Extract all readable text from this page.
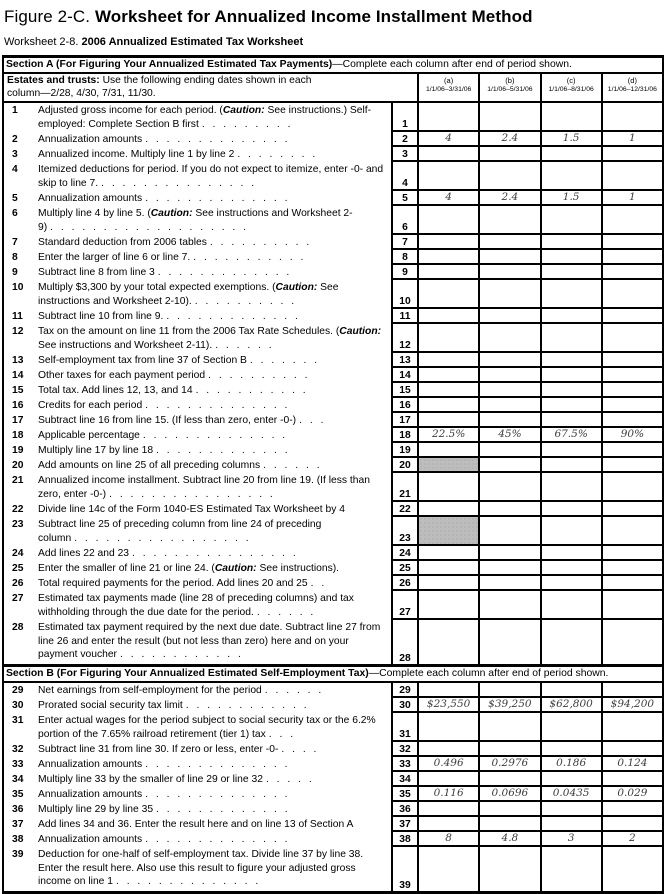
Figure 2-C. Worksheet for Annualized Income Installment Method
Worksheet 2-8. 2006 Annualized Estimated Tax Worksheet
Section A (For Figuring Your Annualized Estimated Tax Payments)—Complete each column after end of period shown.
Estates and trusts: Use the following ending dates shown in each column—2/28, 4/30, 7/31, 11/30.
(a)
1/1/06–3/31/06
(b)
1/1/06–5/31/06
(c)
1/1/06–8/31/06
(d)
1/1/06–12/31/06
1	Adjusted gross income for each period. (Caution: See instructions.) Self-employed: Complete Section B first . . . . . . . . .	1
2	Annualization amounts . . . . . . . . . . . . . .	2	4	2.4	1.5	1
3	Annualized income. Multiply line 1 by line 2 . . . . . . . .	3
4	Itemized deductions for period. If you do not expect to itemize, enter -0- and skip to line 7. . . . . . . . . . . . . . . .	4
5	Annualization amounts . . . . . . . . . . . . . .	5	4	2.4	1.5	1
6	Multiply line 4 by line 5. (Caution: See instructions and Worksheet 2-9) . . . . . . . . . . . . . . . . . . .	6
7	Standard deduction from 2006 tables . . . . . . . . . .	7
8	Enter the larger of line 6 or line 7. . . . . . . . . . . .	8
9	Subtract line 8 from line 3 . . . . . . . . . . . . .	9
10	Multiply $3,300 by your total expected exemptions. (Caution: See instructions and Worksheet 2-10). . . . . . . . . . .	10
11	Subtract line 10 from line 9. . . . . . . . . . . . . .	11
12	Tax on the amount on line 11 from the 2006 Tax Rate Schedules. (Caution: See instructions and Worksheet 2-11). . . . . . .	12
13	Self-employment tax from line 37 of Section B . . . . . . .	13
14	Other taxes for each payment period . . . . . . . . . .	14
15	Total tax. Add lines 12, 13, and 14 . . . . . . . . . . .	15
16	Credits for each period . . . . . . . . . . . . . .	16
17	Subtract line 16 from line 15. (If less than zero, enter -0-) . . .	17
18	Applicable percentage . . . . . . . . . . . . . .	18	22.5%	45%	67.5%	90%
19	Multiply line 17 by line 18 . . . . . . . . . . . . .	19
20	Add amounts on line 25 of all preceding columns . . . . . .	20
21	Annualized income installment. Subtract line 20 from line 19. (If less than zero, enter -0-) . . . . . . . . . . . . . . . .	21
22	Divide line 14c of the Form 1040-ES Estimated Tax Worksheet by 4	22
23	Subtract line 25 of preceding column from line 24 of preceding column . . . . . . . . . . . . . . . . .	23
24	Add lines 22 and 23 . . . . . . . . . . . . . . . .	24
25	Enter the smaller of line 21 or line 24. (Caution: See instructions).	25
26	Total required payments for the period. Add lines 20 and 25 . .	26
27	Estimated tax payments made (line 28 of preceding columns) and tax withholding through the due date for the period. . . . . . .	27
28	Estimated tax payment required by the next due date. Subtract line 27 from line 26 and enter the result (but not less than zero) here and on your payment voucher . . . . . . . . . . . .	28
Section B (For Figuring Your Annualized Estimated Self-Employment Tax)—Complete each column after end of period shown.
29	Net earnings from self-employment for the period . . . . . .	29
30	Prorated social security tax limit . . . . . . . . . . . .	30	$23,550	$39,250	$62,800	$94,200
31	Enter actual wages for the period subject to social security tax or the 6.2% portion of the 7.65% railroad retirement (tier 1) tax . . .	31
32	Subtract line 31 from line 30. If zero or less, enter -0- . . . .	32
33	Annualization amounts . . . . . . . . . . . . . .	33	0.496	0.2976	0.186	0.124
34	Multiply line 33 by the smaller of line 29 or line 32 . . . . .	34
35	Annualization amounts . . . . . . . . . . . . . .	35	0.116	0.0696	0.0435	0.029
36	Multiply line 29 by line 35 . . . . . . . . . . . . .	36
37	Add lines 34 and 36. Enter the result here and on line 13 of Section A	37
38	Annualization amounts . . . . . . . . . . . . . .	38	8	4.8	3	2
39	Deduction for one-half of self-employment tax. Divide line 37 by line 38. Enter the result here. Also use this result to figure your adjusted gross income on line 1 . . . . . . . . . . . . . .	39
